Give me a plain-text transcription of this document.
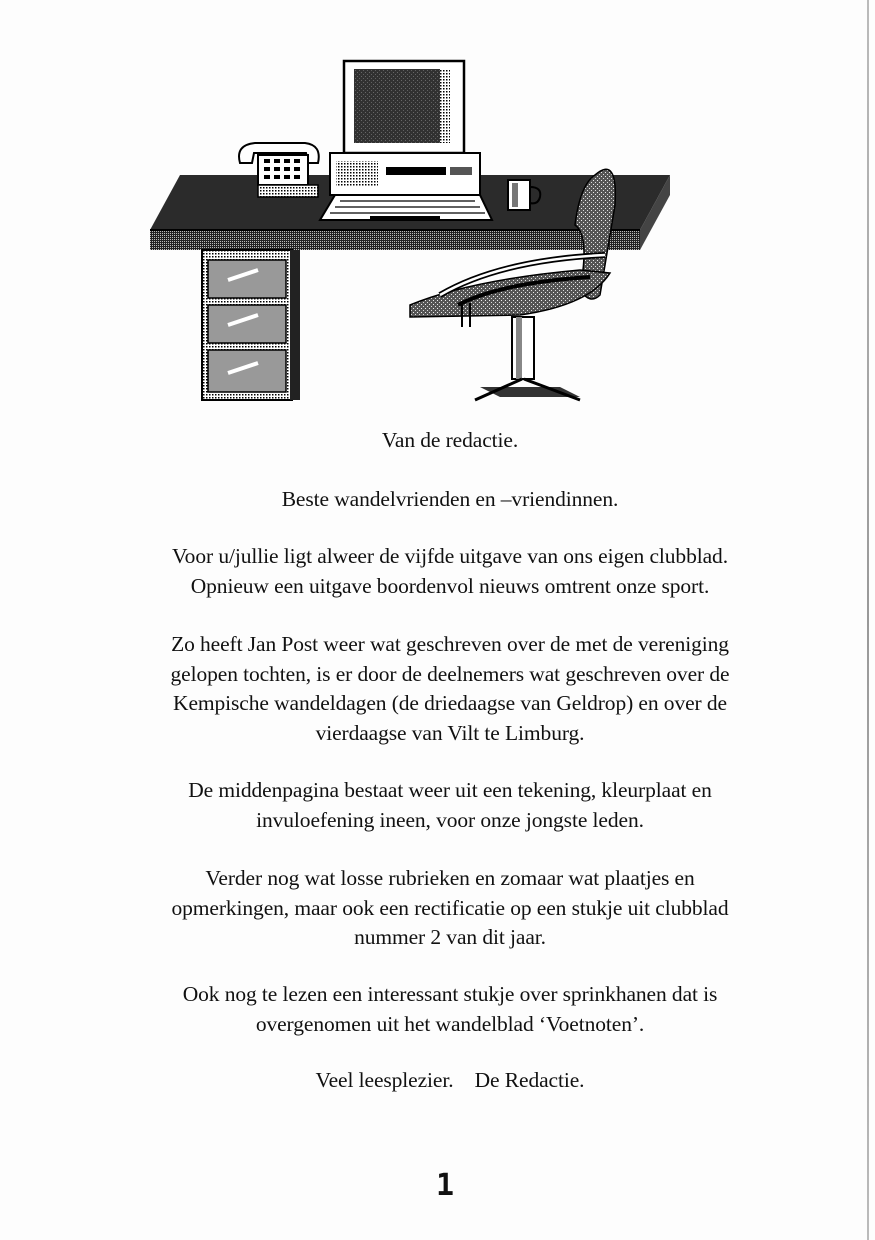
Van de redactie.
Beste wandelvrienden en –vriendinnen.
Voor u/jullie ligt alweer de vijfde uitgave van ons eigen clubblad.
Opnieuw een uitgave boordenvol nieuws omtrent onze sport.
Zo heeft Jan Post weer wat geschreven over de met de vereniging
gelopen tochten, is er door de deelnemers wat geschreven over de
Kempische wandeldagen (de driedaagse van Geldrop) en over de
vierdaagse van Vilt te Limburg.
De middenpagina bestaat weer uit een tekening, kleurplaat en
invuloefening ineen, voor onze jongste leden.
Verder nog wat losse rubrieken en zomaar wat plaatjes en
opmerkingen, maar ook een rectificatie op een stukje uit clubblad
nummer 2 van dit jaar.
Ook nog te lezen een interessant stukje over sprinkhanen dat is
overgenomen uit het wandelblad ‘Voetnoten’.
Veel leesplezier.    De Redactie.
1
